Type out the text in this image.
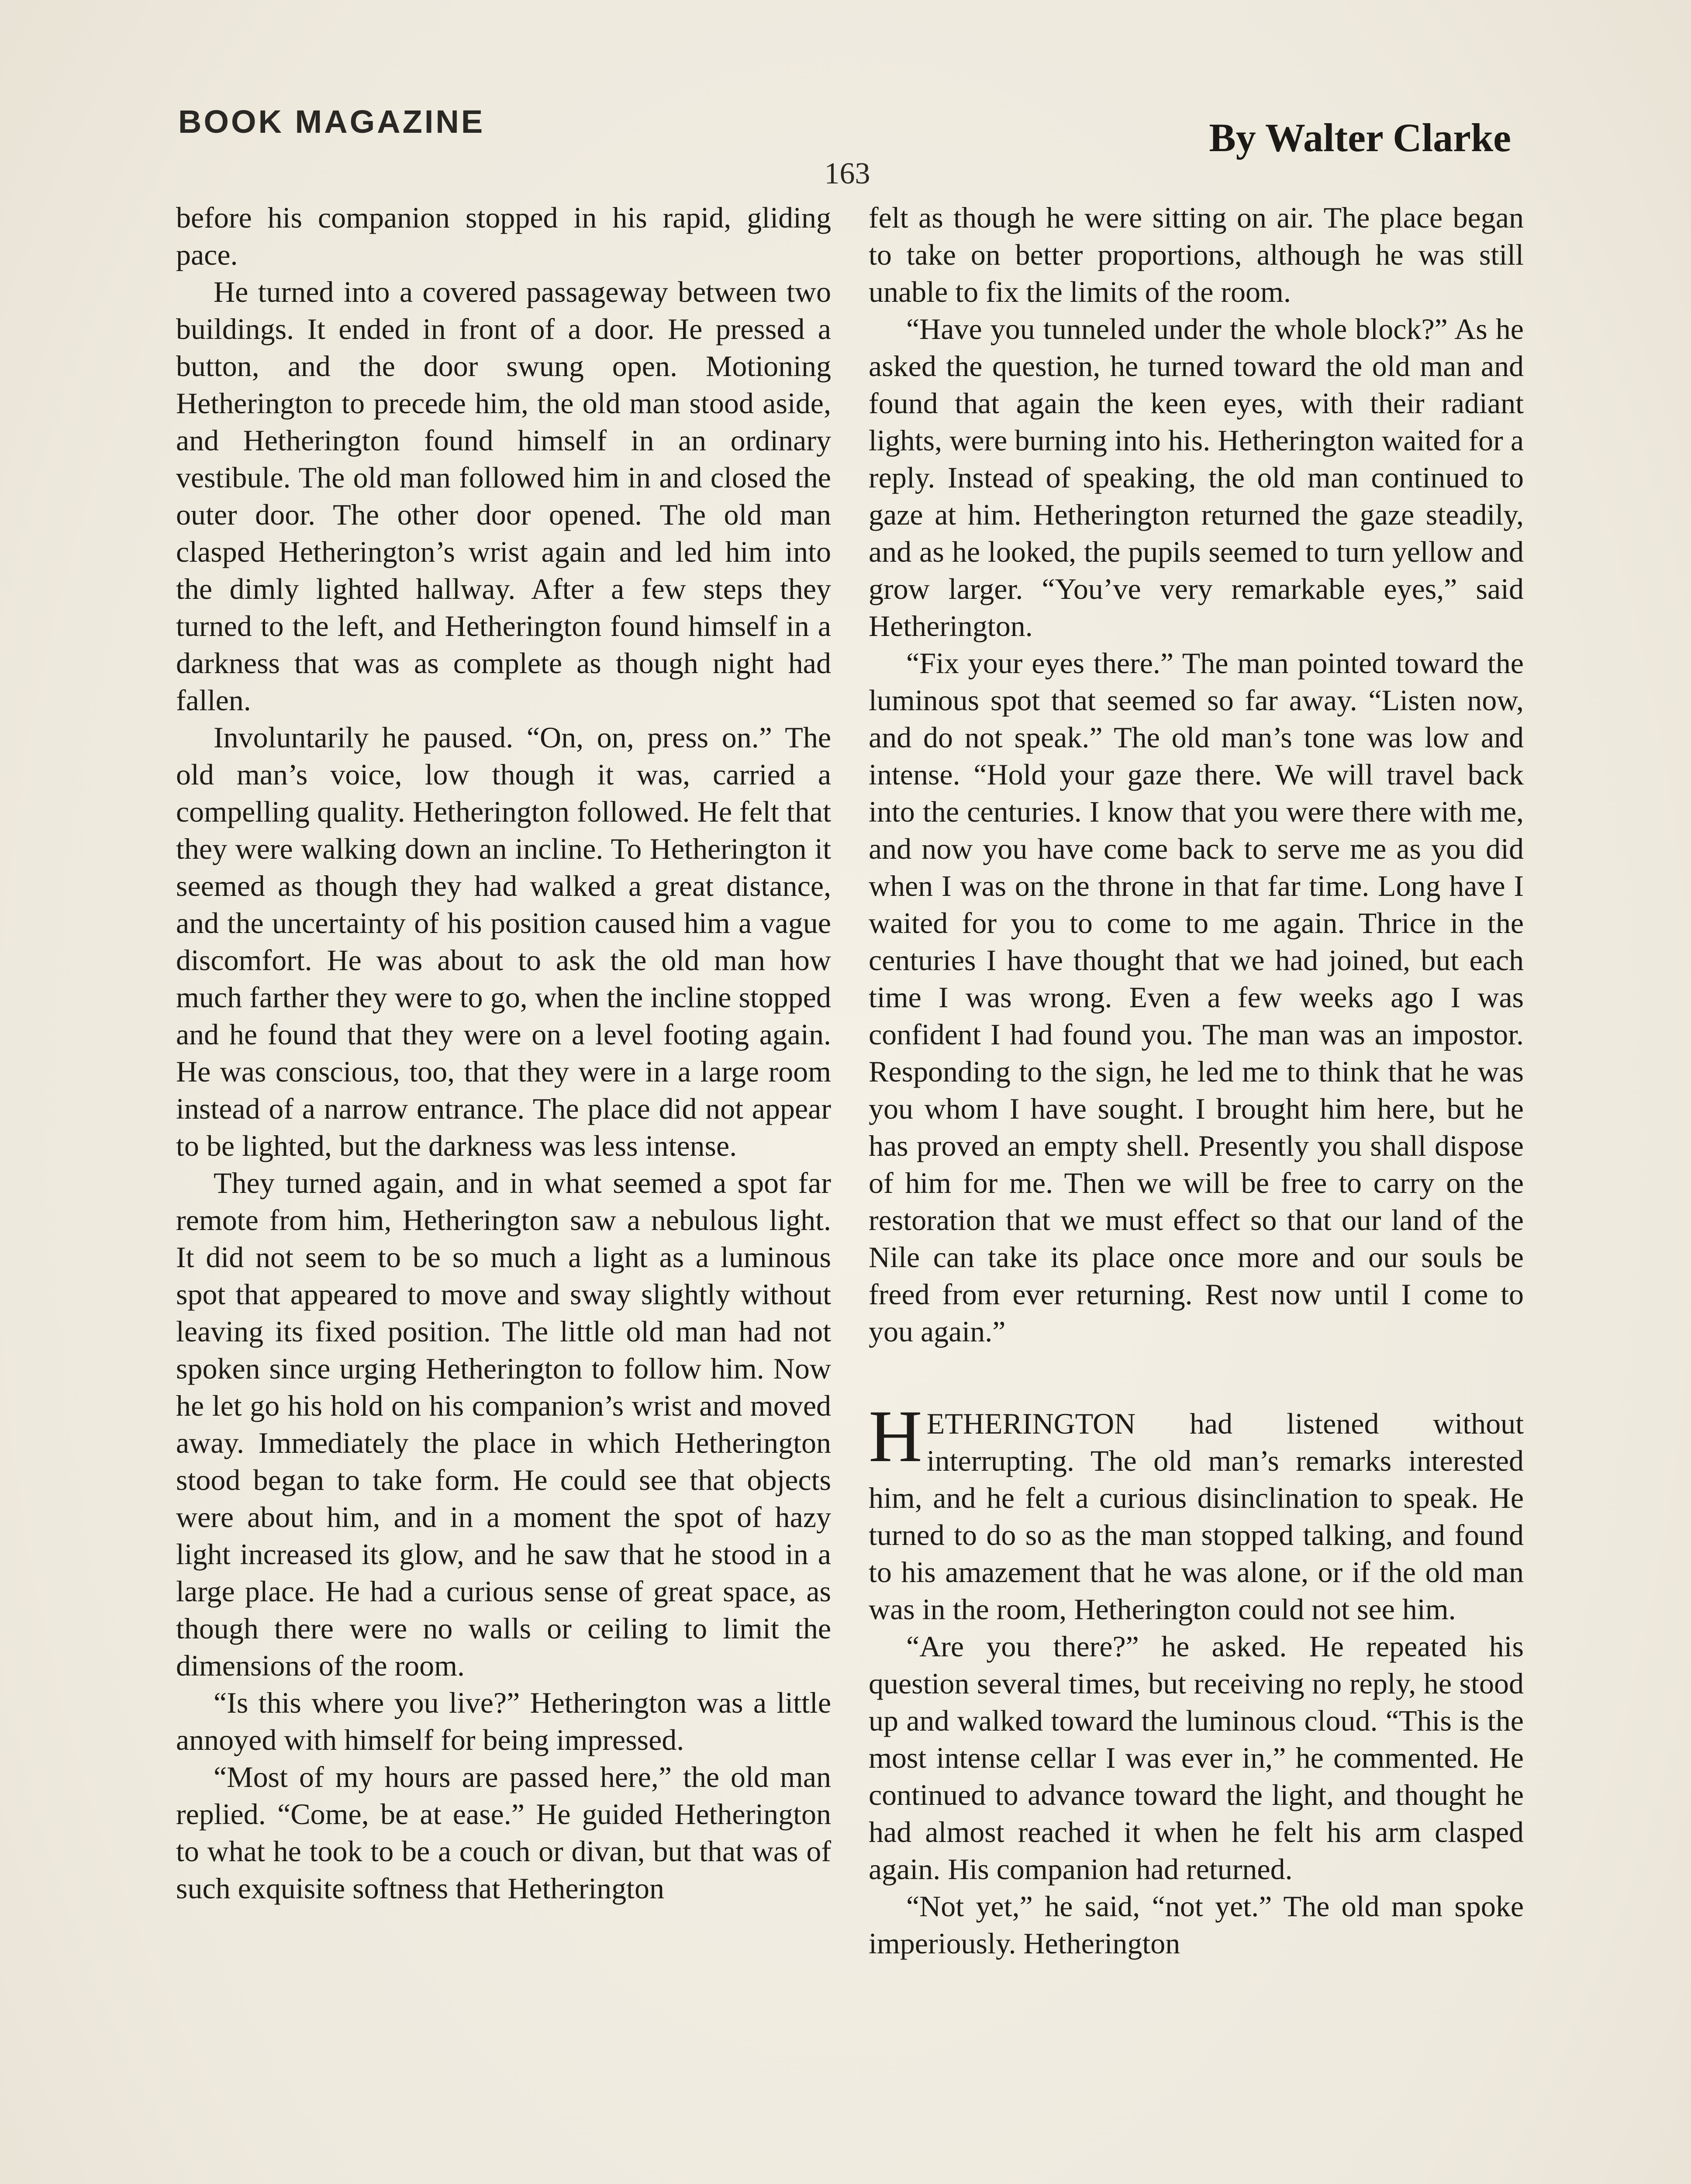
BOOK MAGAZINE	By Walter Clarke
163

before his companion stopped in his rapid, gliding pace.

He turned into a covered passageway between two buildings. It ended in front of a door. He pressed a button, and the door swung open. Motioning Hetherington to precede him, the old man stood aside, and Hetherington found himself in an ordinary vestibule. The old man followed him in and closed the outer door. The other door opened. The old man clasped Hetherington’s wrist again and led him into the dimly lighted hallway. After a few steps they turned to the left, and Hetherington found himself in a darkness that was as complete as though night had fallen.

Involuntarily he paused. “On, on, press on.” The old man’s voice, low though it was, carried a compelling quality. Hetherington followed. He felt that they were walking down an incline. To Hetherington it seemed as though they had walked a great distance, and the uncertainty of his position caused him a vague discomfort. He was about to ask the old man how much farther they were to go, when the incline stopped and he found that they were on a level footing again. He was conscious, too, that they were in a large room instead of a narrow entrance. The place did not appear to be lighted, but the darkness was less intense.

They turned again, and in what seemed a spot far remote from him, Hetherington saw a nebulous light. It did not seem to be so much a light as a luminous spot that appeared to move and sway slightly without leaving its fixed position. The little old man had not spoken since urging Hetherington to follow him. Now he let go his hold on his companion’s wrist and moved away. Immediately the place in which Hetherington stood began to take form. He could see that objects were about him, and in a moment the spot of hazy light increased its glow, and he saw that he stood in a large place. He had a curious sense of great space, as though there were no walls or ceiling to limit the dimensions of the room.

“Is this where you live?” Hetherington was a little annoyed with himself for being impressed.

“Most of my hours are passed here,” the old man replied. “Come, be at ease.” He guided Hetherington to what he took to be a couch or divan, but that was of such exquisite softness that Hetherington

felt as though he were sitting on air. The place began to take on better proportions, although he was still unable to fix the limits of the room.

“Have you tunneled under the whole block?” As he asked the question, he turned toward the old man and found that again the keen eyes, with their radiant lights, were burning into his. Hetherington waited for a reply. Instead of speaking, the old man continued to gaze at him. Hetherington returned the gaze steadily, and as he looked, the pupils seemed to turn yellow and grow larger. “You’ve very remarkable eyes,” said Hetherington.

“Fix your eyes there.” The man pointed toward the luminous spot that seemed so far away. “Listen now, and do not speak.” The old man’s tone was low and intense. “Hold your gaze there. We will travel back into the centuries. I know that you were there with me, and now you have come back to serve me as you did when I was on the throne in that far time. Long have I waited for you to come to me again. Thrice in the centuries I have thought that we had joined, but each time I was wrong. Even a few weeks ago I was confident I had found you. The man was an impostor. Responding to the sign, he led me to think that he was you whom I have sought. I brought him here, but he has proved an empty shell. Presently you shall dispose of him for me. Then we will be free to carry on the restoration that we must effect so that our land of the Nile can take its place once more and our souls be freed from ever returning. Rest now until I come to you again.”

HETHERINGTON had listened without interrupting. The old man’s remarks interested him, and he felt a curious disinclination to speak. He turned to do so as the man stopped talking, and found to his amazement that he was alone, or if the old man was in the room, Hetherington could not see him.

“Are you there?” he asked. He repeated his question several times, but receiving no reply, he stood up and walked toward the luminous cloud. “This is the most intense cellar I was ever in,” he commented. He continued to advance toward the light, and thought he had almost reached it when he felt his arm clasped again. His companion had returned.

“Not yet,” he said, “not yet.” The old man spoke imperiously. Hetherington
